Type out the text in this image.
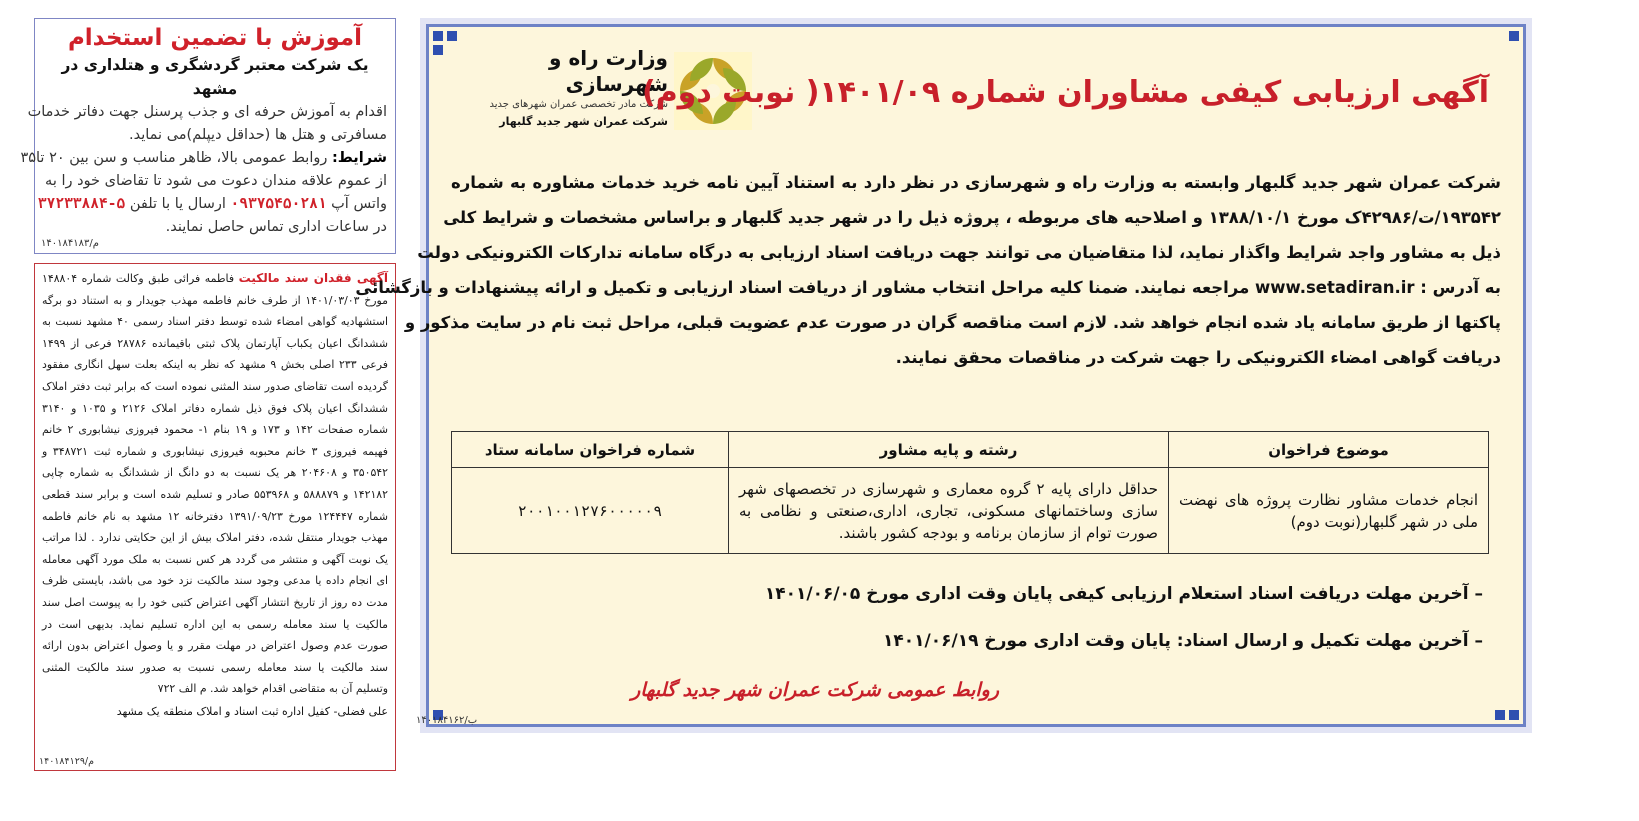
آموزش با تضمین استخدام
یک شرکت معتبر گردشگری و هتلداری در مشهد
اقدام به آموزش حرفه ای و جذب پرسنل جهت دفاتر خدمات
مسافرتی و هتل ها (حداقل دیپلم)می نماید.
شرایط: روابط عمومی بالا، ظاهر مناسب و سن بین ۲۰ تا۳۵
از عموم علاقه مندان دعوت می شود تا تقاضای خود را به
واتس آپ ۰۹۳۷۵۴۵۰۲۸۱ ارسال یا با تلفن ۵-۳۷۲۳۳۸۸۴
در ساعات اداری تماس حاصل نمایند.
۱۴۰۱۸۴۱۸۳/م
آگهی فقدان سند مالکیت فاطمه فرائی طبق وکالت شماره ۱۴۸۸۰۴ مورخ ۱۴۰۱/۰۳/۰۳ از طرف خانم فاطمه مهذب جویدار و به استناد دو برگه استشهادیه گواهی امضاء شده توسط دفتر اسناد رسمی ۴۰ مشهد نسبت به ششدانگ اعیان یکباب آپارتمان پلاک ثبتی باقیمانده ۲۸۷۸۶ فرعی از ۱۴۹۹ فرعی ۲۳۳ اصلی بخش ۹ مشهد که نظر به اینکه بعلت سهل انگاری مفقود گردیده است تقاضای صدور سند المثنی نموده است که برابر ثبت دفتر املاک ششدانگ اعیان پلاک فوق ذیل شماره دفاتر املاک ۲۱۲۶ و ۱۰۳۵ و ۳۱۴۰ شماره صفحات ۱۴۲ و ۱۷۳ و ۱۹ بنام ۱- محمود فیروزی نیشابوری ۲ خانم فهیمه فیروزی ۳ خانم محبوبه فیروزی نیشابوری و شماره ثبت ۳۴۸۷۲۱ و ۳۵۰۵۴۲ و ۲۰۴۶۰۸ هر یک نسبت به دو دانگ از ششدانگ به شماره چاپی ۱۴۲۱۸۲ و ۵۸۸۸۷۹ و ۵۵۳۹۶۸ صادر و تسلیم شده است و برابر سند قطعی شماره ۱۲۴۴۴۷ مورخ ۱۳۹۱/۰۹/۲۳ دفترخانه ۱۲ مشهد به نام خانم فاطمه مهذب جویدار منتقل شده، دفتر املاک بیش از این حکایتی ندارد . لذا مراتب یک نوبت آگهی و منتشر می گردد هر کس نسبت به ملک مورد آگهی معامله ای انجام داده یا مدعی وجود سند مالکیت نزد خود می باشد، بایستی ظرف مدت ده روز از تاریخ انتشار آگهی اعتراض کتبی خود را به پیوست اصل سند مالکیت یا سند معامله رسمی به این اداره تسلیم نماید. بدیهی است در صورت عدم وصول اعتراض در مهلت مقرر و یا وصول اعتراض بدون ارائه سند مالکیت یا سند معامله رسمی نسبت به صدور سند مالکیت المثنی وتسلیم آن به متقاضی اقدام خواهد شد. م الف ۷۲۲
علی فضلی- کفیل اداره ثبت اسناد و املاک منطقه یک مشهد
۱۴۰۱۸۴۱۲۹/م
وزارت راه و شهرسازی
شرکت مادر تخصصی عمران شهرهای جدید
شرکت عمران شهر جدید گلبهار
آگهی ارزیابی کیفی مشاوران شماره ۱۴۰۱/۰۹( نوبت دوم)

شرکت عمران شهر جدید گلبهار وابسته به وزارت راه و شهرسازی در نظر دارد به استناد آیین نامه خرید خدمات مشاوره به شماره

۱۹۳۵۴۲/ت/۴۲۹۸۶ک مورخ ۱۳۸۸/۱۰/۱ و اصلاحیه های مربوطه ، پروژه ذیل را در شهر جدید گلبهار و براساس مشخصات و شرایط کلی

ذیل به مشاور واجد شرایط واگذار نماید، لذا متقاضیان می توانند جهت دریافت اسناد ارزیابی به درگاه سامانه تدارکات الکترونیکی دولت

به آدرس : www.setadiran.ir مراجعه نمایند. ضمنا کلیه مراحل انتخاب مشاور از دریافت اسناد ارزیابی و تکمیل و ارائه پیشنهادات و بازگشائی

پاکتها از طریق سامانه یاد شده انجام خواهد شد. لازم است مناقصه گران در صورت عدم عضویت قبلی، مراحل ثبت نام در سایت مذکور و

دریافت گواهی امضاء الکترونیکی را جهت شرکت در مناقصات محقق نمایند.

موضوع فراخوان	رشته و پایه مشاور	شماره فراخوان سامانه ستاد
انجام خدمات مشاور نظارت پروژه های نهضت ملی در شهر گلبهار(نوبت دوم)	حداقل دارای پایه ۲ گروه معماری و شهرسازی در تخصصهای شهر سازی وساختمانهای مسکونی، تجاری، اداری،صنعتی و نظامی به صورت توام از سازمان برنامه و بودجه کشور باشند.	۲۰۰۱۰۰۱۲۷۶۰۰۰۰۰۹
– آخرین مهلت دریافت اسناد استعلام ارزیابی کیفی پایان وقت اداری مورخ ۱۴۰۱/۰۶/۰۵
– آخرین مهلت تکمیل و ارسال اسناد: پایان وقت اداری مورخ ۱۴۰۱/۰۶/۱۹
روابط عمومی شرکت عمران شهر جدید گلبهار
۱۴۰۱۸۴۱۶۲/ب
